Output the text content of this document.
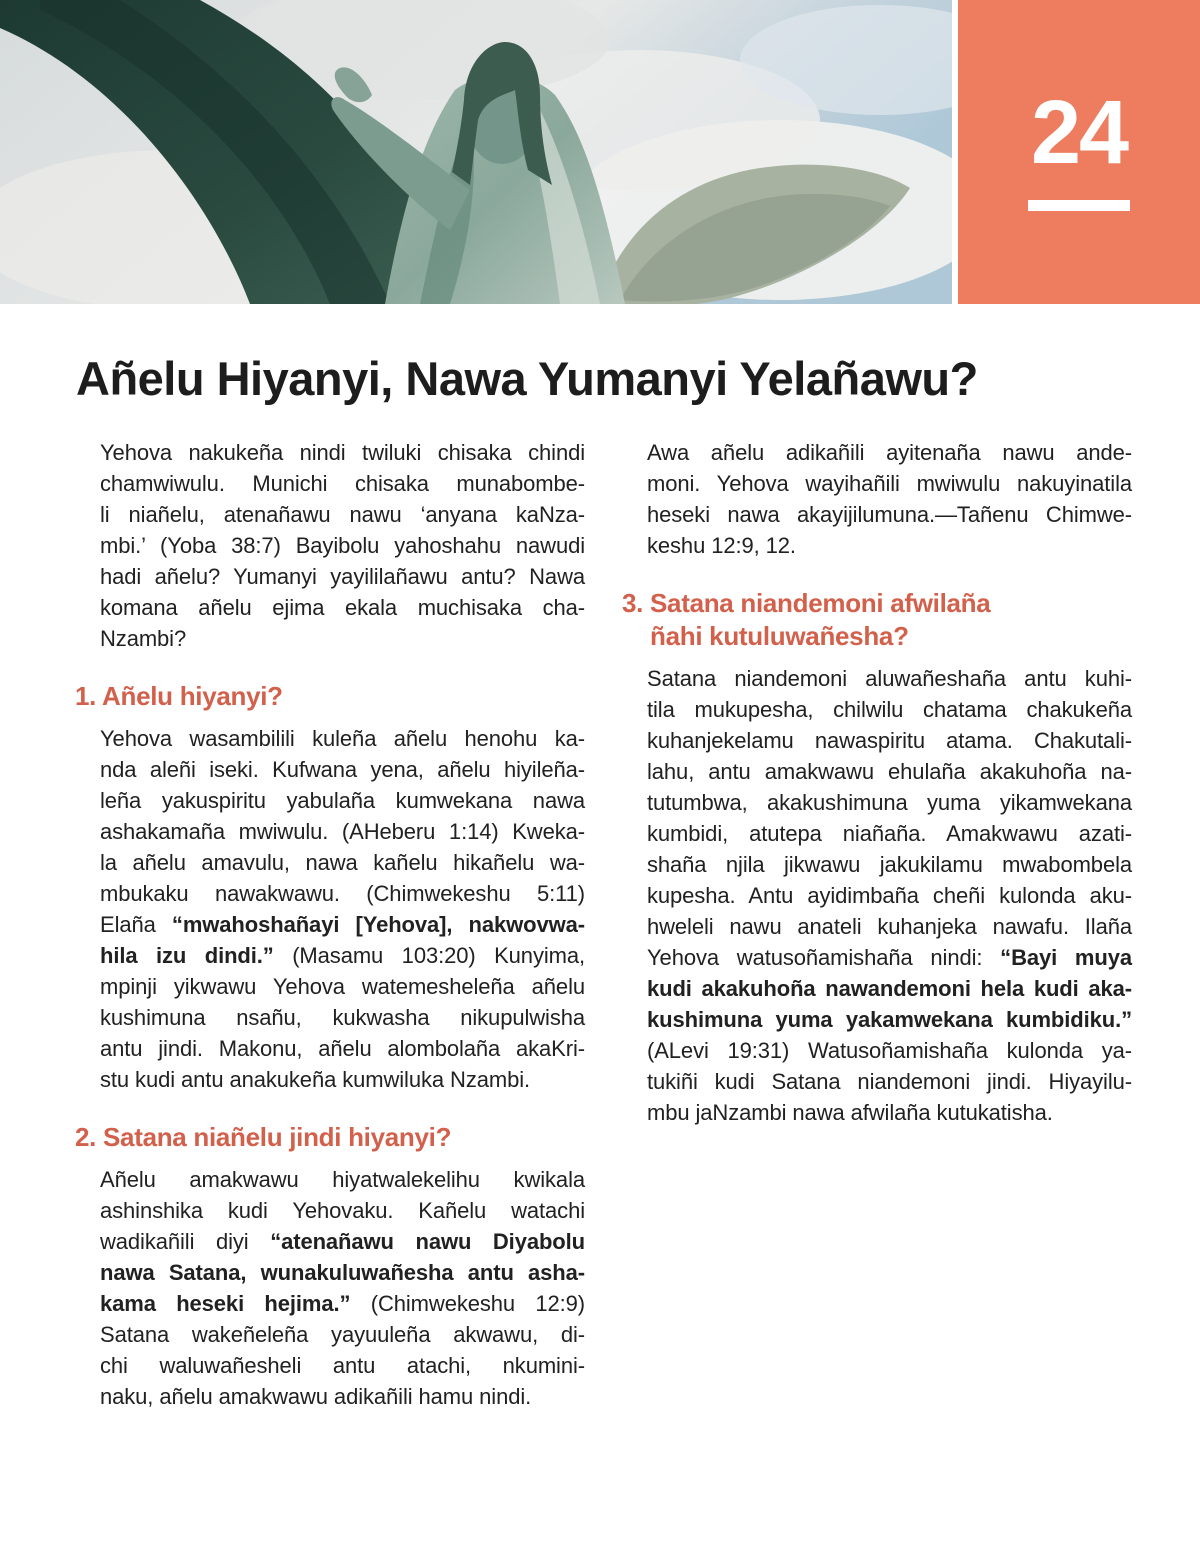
24
Añelu Hiyanyi, Nawa Yumanyi Yelañawu?
Yehova nakukeña nindi twiluki chisaka chindi
chamwiwulu. Munichi chisaka munabombe-
li niañelu, atenañawu nawu ‘anyana kaNza-
mbi.’ (Yoba 38:7) Bayibolu yahoshahu nawudi
hadi añelu? Yumanyi yayililañawu antu? Nawa
komana añelu ejima ekala muchisaka cha-
Nzambi?
1. Añelu hiyanyi?
Yehova wasambilili kuleña añelu henohu ka-
nda aleñi iseki. Kufwana yena, añelu hiyileña-
leña yakuspiritu yabulaña kumwekana nawa
ashakamaña mwiwulu. (AHeberu 1:14) Kweka-
la añelu amavulu, nawa kañelu hikañelu wa-
mbukaku nawakwawu. (Chimwekeshu 5:11)
Elaña “mwahoshañayi [Yehova], nakwovwa-
hila izu dindi.” (Masamu 103:20) Kunyima,
mpinji yikwawu Yehova watemesheleña añelu
kushimuna nsañu, kukwasha nikupulwisha
antu jindi. Makonu, añelu alombolaña akaKri-
stu kudi antu anakukeña kumwiluka Nzambi.
2. Satana niañelu jindi hiyanyi?
Añelu amakwawu hiyatwalekelihu kwikala
ashinshika kudi Yehovaku. Kañelu watachi
wadikañili diyi “atenañawu nawu Diyabolu
nawa Satana, wunakuluwañesha antu asha-
kama heseki hejima.” (Chimwekeshu 12:9)
Satana wakeñeleña yayuuleña akwawu, di-
chi waluwañesheli antu atachi, nkumini-
naku, añelu amakwawu adikañili hamu nindi.
Awa añelu adikañili ayitenaña nawu ande-
moni. Yehova wayihañili mwiwulu nakuyinatila
heseki nawa akayijilumuna.—Tañenu Chimwe-
keshu 12:9, 12.
3. Satana niandemoni afwilaña
ñahi kutuluwañesha?
Satana niandemoni aluwañeshaña antu kuhi-
tila mukupesha, chilwilu chatama chakukeña
kuhanjekelamu nawaspiritu atama. Chakutali-
lahu, antu amakwawu ehulaña akakuhoña na-
tutumbwa, akakushimuna yuma yikamwekana
kumbidi, atutepa niañaña. Amakwawu azati-
shaña njila jikwawu jakukilamu mwabombela
kupesha. Antu ayidimbaña cheñi kulonda aku-
hweleli nawu anateli kuhanjeka nawafu. Ilaña
Yehova watusoñamishaña nindi: “Bayi muya
kudi akakuhoña nawandemoni hela kudi aka-
kushimuna yuma yakamwekana kumbidiku.”
(ALevi 19:31) Watusoñamishaña kulonda ya-
tukiñi kudi Satana niandemoni jindi. Hiyayilu-
mbu jaNzambi nawa afwilaña kutukatisha.
